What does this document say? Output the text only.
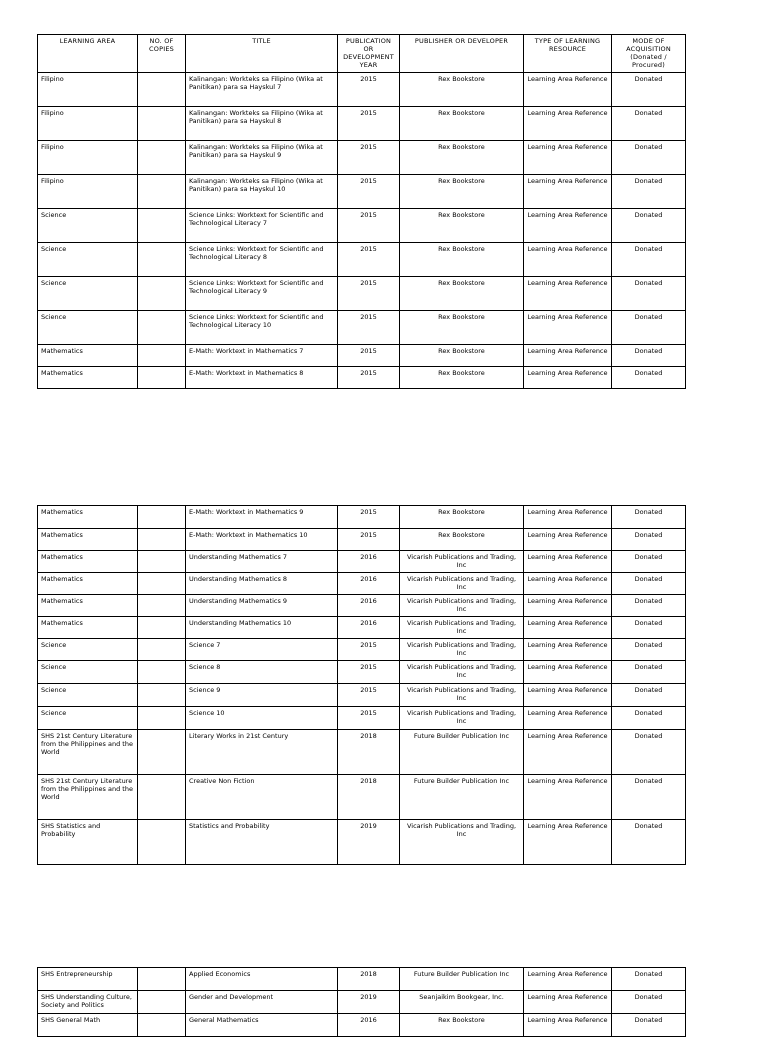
LEARNING AREA	NO. OF COPIES	TITLE	PUBLICATION OR DEVELOPMENT YEAR	PUBLISHER OR DEVELOPER	TYPE OF LEARNING RESOURCE	MODE OF ACQUISITION (Donated / Procured)
Filipino		Kalinangan: Workteks sa Filipino (Wika at Panitikan) para sa Hayskul 7	2015	Rex Bookstore	Learning Area Reference	Donated
Filipino		Kalinangan: Workteks sa Filipino (Wika at Panitikan) para sa Hayskul 8	2015	Rex Bookstore	Learning Area Reference	Donated
Filipino		Kalinangan: Workteks sa Filipino (Wika at Panitikan) para sa Hayskul 9	2015	Rex Bookstore	Learning Area Reference	Donated
Filipino		Kalinangan: Workteks sa Filipino (Wika at Panitikan) para sa Hayskul 10	2015	Rex Bookstore	Learning Area Reference	Donated
Science		Science Links: Worktext for Scientific and Technological Literacy 7	2015	Rex Bookstore	Learning Area Reference	Donated
Science		Science Links: Worktext for Scientific and Technological Literacy 8	2015	Rex Bookstore	Learning Area Reference	Donated
Science		Science Links: Worktext for Scientific and Technological Literacy 9	2015	Rex Bookstore	Learning Area Reference	Donated
Science		Science Links: Worktext for Scientific and Technological Literacy 10	2015	Rex Bookstore	Learning Area Reference	Donated
Mathematics		E-Math: Worktext in Mathematics 7	2015	Rex Bookstore	Learning Area Reference	Donated
Mathematics		E-Math: Worktext in Mathematics 8	2015	Rex Bookstore	Learning Area Reference	Donated
Mathematics		E-Math: Worktext in Mathematics 9	2015	Rex Bookstore	Learning Area Reference	Donated
Mathematics		E-Math: Worktext in Mathematics 10	2015	Rex Bookstore	Learning Area Reference	Donated
Mathematics		Understanding Mathematics 7	2016	Vicarish Publications and Trading, Inc	Learning Area Reference	Donated
Mathematics		Understanding Mathematics 8	2016	Vicarish Publications and Trading, Inc	Learning Area Reference	Donated
Mathematics		Understanding Mathematics 9	2016	Vicarish Publications and Trading, Inc	Learning Area Reference	Donated
Mathematics		Understanding Mathematics 10	2016	Vicarish Publications and Trading, Inc	Learning Area Reference	Donated
Science		Science 7	2015	Vicarish Publications and Trading, Inc	Learning Area Reference	Donated
Science		Science 8	2015	Vicarish Publications and Trading, Inc	Learning Area Reference	Donated
Science		Science 9	2015	Vicarish Publications and Trading, Inc	Learning Area Reference	Donated
Science		Science 10	2015	Vicarish Publications and Trading, Inc	Learning Area Reference	Donated
SHS 21st Century Literature from the Philippines and the World		Literary Works in 21st Century	2018	Future Builder Publication Inc	Learning Area Reference	Donated
SHS 21st Century Literature from the Philippines and the World		Creative Non Fiction	2018	Future Builder Publication Inc	Learning Area Reference	Donated
SHS Statistics and Probability		Statistics and Probability	2019	Vicarish Publications and Trading, Inc	Learning Area Reference	Donated
SHS Entrepreneurship		Applied Economics	2018	Future Builder Publication Inc	Learning Area Reference	Donated
SHS Understanding Culture, Society and Politics		Gender and Development	2019	Seanjaikim Bookgear, Inc.	Learning Area Reference	Donated
SHS General Math		General Mathematics	2016	Rex Bookstore	Learning Area Reference	Donated
